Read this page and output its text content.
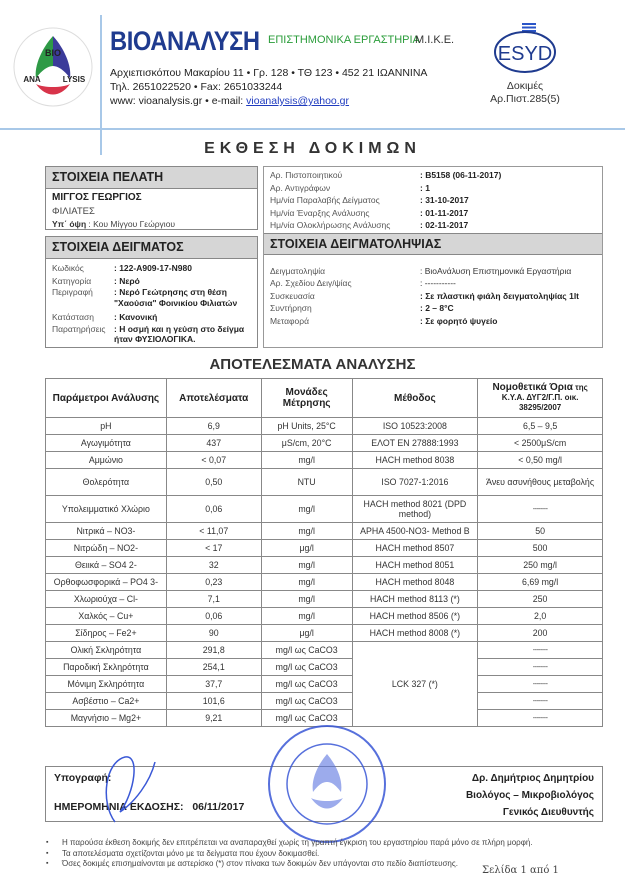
BIO
ANA	LYSIS
ΒΙΟΑΝΑΛΥΣΗ ΕΠΙΣΤΗΜΟΝΙΚΑ ΕΡΓΑΣΤΗΡΙΑ
Μ.Ι.Κ.Ε.
Αρχιεπισκόπου Μακαρίου 11 • Γρ. 128 • ΤΘ 123 • 452 21 ΙΩΑΝΝΙΝΑ
Τηλ. 2651022520 • Fax: 2651033244
www: vioanalysis.gr • e-mail: vioanalysis@yahoo.gr
ESYD
Δοκιμές
Αρ.Πιστ.285(5)
ΕΚΘΕΣΗ ΔΟΚΙΜΩΝ
ΣΤΟΙΧΕΙΑ ΠΕΛΑΤΗ
ΜΙΓΓΟΣ ΓΕΩΡΓΙΟΣ
ΦΙΛΙΑΤΕΣ
Υπ΄ όψη : Κου Μίγγου Γεώργιου
ΣΤΟΙΧΕΙΑ ΔΕΙΓΜΑΤΟΣ
Κωδικός	: 122-A909-17-N980
Κατηγορία	: Νερό
Περιγραφή	: Νερό Γεώτρησης στη θέση "Χαούσια" Φοινικίου Φιλιατών
Κατάσταση	: Κανονική
Παρατηρήσεις	: Η οσμή και η γεύση στο δείγμα ήταν ΦΥΣΙΟΛΟΓΙΚΑ.
Αρ. Πιστοποιητικού	: B5158 (06-11-2017)
Αρ. Αντιγράφων	: 1
Ημ/νία Παραλαβής Δείγματος	: 31-10-2017
Ημ/νία Έναρξης Ανάλυσης	: 01-11-2017
Ημ/νία Ολοκλήρωσης Ανάλυσης	: 02-11-2017
ΣΤΟΙΧΕΙΑ ΔΕΙΓΜΑΤΟΛΗΨΙΑΣ
Δειγματοληψία	: ΒιοΑνάλυση Επιστημονικά Εργαστήρια
Αρ. Σχεδίου Δειγ/ψίας	: -----------
Συσκευασία	: Σε πλαστική φιάλη δειγματοληψίας 1lt
Συντήρηση	: 2 – 8°C
Μεταφορά	: Σε φορητό ψυγείο
ΑΠΟΤΕΛΕΣΜΑΤΑ ΑΝΑΛΥΣΗΣ
Παράμετροι Ανάλυσης	Αποτελέσματα	Μονάδες Μέτρησης	Μέθοδος	Νομοθετικά Όρια της
Κ.Υ.Α. ΔΥΓ2/Γ.Π. οικ.
38295/2007
pH	6,9	pH Units, 25°C	ISO 10523:2008	6,5 – 9,5
Αγωγιμότητα	437	μS/cm, 20°C	ΕΛΟΤ EN 27888:1993	< 2500μS/cm
Αμμώνιο	< 0,07	mg/l	HACH method 8038	< 0,50 mg/l
Θολερότητα	0,50	NTU	ISO 7027-1:2016	Άνευ ασυνήθους μεταβολής
Υπολειμματικό Χλώριο	0,06	mg/l	HACH method 8021 (DPD method)	--------
Νιτρικά – NO3-	< 11,07	mg/l	APHA 4500-NO3- Method B	50
Νιτρώδη – NO2-	< 17	μg/l	HACH method 8507	500
Θειικά – SO4 2-	32	mg/l	HACH method 8051	250 mg/l
Ορθοφωσφορικά – PO4 3-	0,23	mg/l	HACH method 8048	6,69 mg/l
Χλωριούχα – Cl-	7,1	mg/l	HACH method 8113 (*)	250
Χαλκός – Cu+	0,06	mg/l	HACH method 8506 (*)	2,0
Σίδηρος – Fe2+	90	μg/l	HACH method 8008 (*)	200
Ολική Σκληρότητα	291,8	mg/l ως CaCO3	LCK 327 (*)	--------
Παροδική Σκληρότητα	254,1	mg/l ως CaCO3		--------
Μόνιμη Σκληρότητα	37,7	mg/l ως CaCO3		--------
Ασβέστιο – Ca2+	101,6	mg/l ως CaCO3		--------
Μαγνήσιο – Mg2+	9,21	mg/l ως CaCO3		--------
Υπογραφή:
ΗΜΕΡΟΜΗΝΙΑ ΕΚΔΟΣΗΣ: 06/11/2017
Δρ. Δημήτριος Δημητρίου
Βιολόγος – Μικροβιολόγος
Γενικός Διευθυντής
▪ Η παρούσα έκθεση δοκιμής δεν επιτρέπεται να αναπαραχθεί χωρίς τη γραπτή έγκριση του εργαστηρίου παρά μόνο σε πλήρη μορφή.
▪ Τα αποτελέσματα σχετίζονται μόνο με τα δείγματα που έχουν δοκιμασθεί.
▪ Όσες δοκιμές επισημαίνονται με αστερίσκο (*) στον πίνακα των δοκιμών δεν υπάγονται στο πεδίο διαπίστευσης.
Σελίδα 1 από 1
